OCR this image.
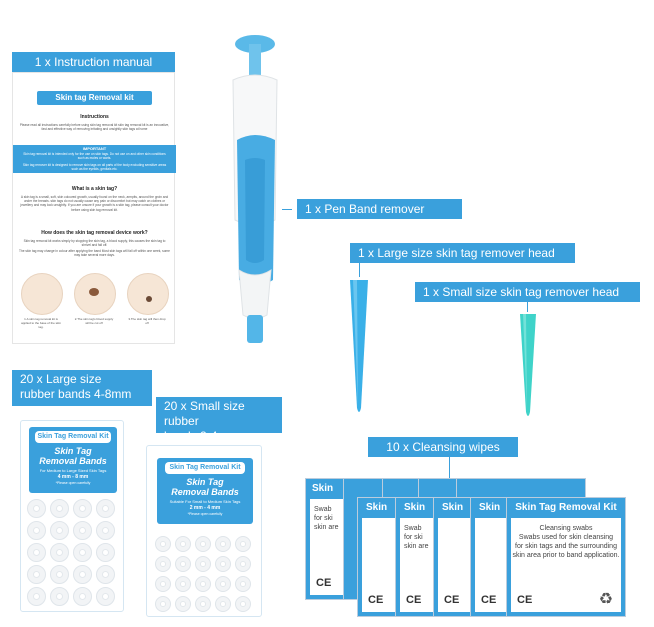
1 x Instruction manual
Skin tag Removal kit
Instructions

Please read all instructions carefully before using skin tag removal kit skin tag removal kit is an innovative, fast and effective way of removing irritating and unsightly skin tags at home

IMPORTANT
Skin tag removal kit is intended only for the use on skin tags. Do not use on and other skin conditions such as moles or warts.
Skin tag remover kit is designed to remove skin tags on all parts of the body excluding sensitive areas such as the eyelids, genitals etc.
What is a skin tag?

A skin tag is a small, soft, skin coloured growth, usually found on the neck, armpits, around the groin and under the breasts. skin tags do not usually cause any pain or discomfort but may catch on clothes or jewellery and may look unsightly. If you are unsure if your growth is a skin tag, please consult your doctor before using skin tag removal kit.

How does the skin tag removal device work?

Skin tag removal kit works simply by stopping the skin tag, a blood supply, this causes the skin tag to shrivel and fall off.

The skin tag may change in colour after applying the band Most skin tags will fall off within one week, some may take several more days.

1.A skin tag removal kit is applied to the base of the skin tag.
2.The skin tag's blood supply will be cut off
3.The skin tag will then drop off
1 x Pen Band remover
1 x Large size skin tag remover head
1 x Small size skin tag remover head
20 x Large size
rubber bands 4-8mm
Skin Tag Removal Kit
Skin Tag
Removal Bands
For Medium to Large Sized Skin Tags
4 mm - 8 mm
*Please open carefully
20 x Small size rubber
bands 2-4mm
Skin Tag Removal Kit
Skin Tag
Removal Bands
Suitable For Small to Medium Skin Tags
2 mm - 4 mm
*Please open carefully
10 x Cleansing wipes
Skin
Swab
for ski
skin are
CE
Skin
CE
Skin
Swab
for ski
skin are
CE
Skin
CE
Skin
CE
Skin Tag Removal Kit
Cleansing swabs
Swabs used for skin cleansing
for skin tags and the surrounding
skin area prior to band application.
CE	♻
